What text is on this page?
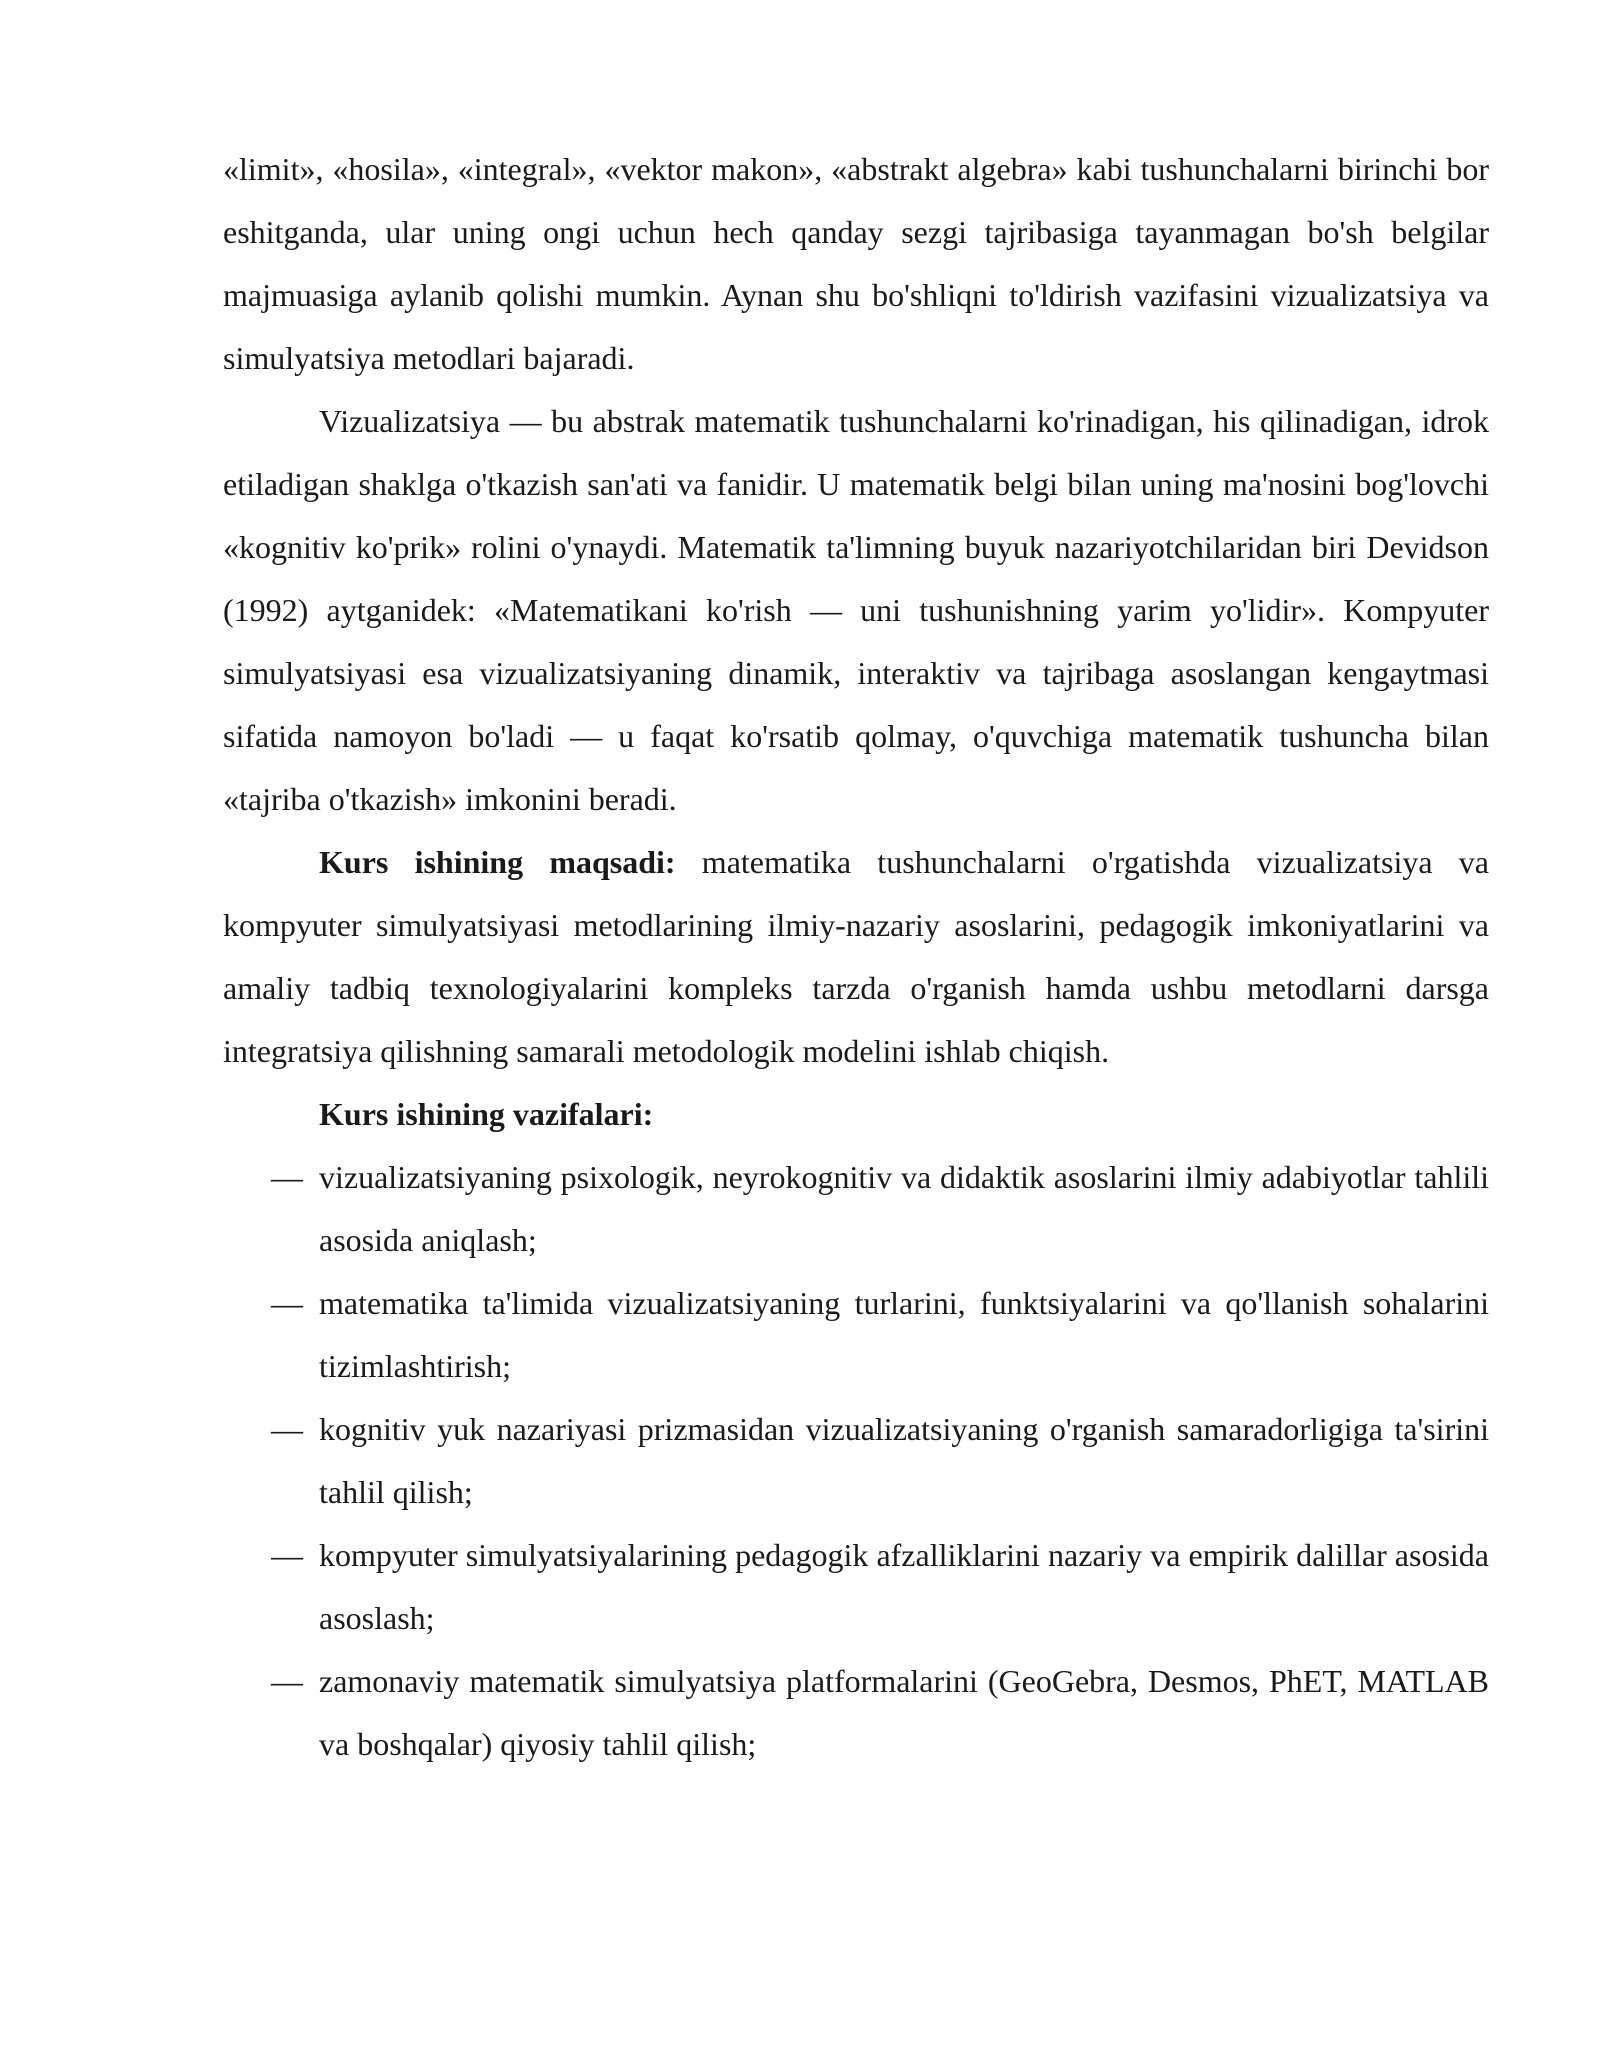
«limit», «hosila», «integral», «vektor makon», «abstrakt algebra» kabi tushunchalarni birinchi bor eshitganda, ular uning ongi uchun hech qanday sezgi tajribasiga tayanmagan bo'sh belgilar majmuasiga aylanib qolishi mumkin. Aynan shu bo'shliqni to'ldirish vazifasini vizualizatsiya va simulyatsiya metodlari bajaradi.

Vizualizatsiya — bu abstrak matematik tushunchalarni ko'rinadigan, his qilinadigan, idrok etiladigan shaklga o'tkazish san'ati va fanidir. U matematik belgi bilan uning ma'nosini bog'lovchi «kognitiv ko'prik» rolini o'ynaydi. Matematik ta'limning buyuk nazariyotchilaridan biri Devidson (1992) aytganidek: «Matematikani ko'rish — uni tushunishning yarim yo'lidir». Kompyuter simulyatsiyasi esa vizualizatsiyaning dinamik, interaktiv va tajribaga asoslangan kengaytmasi sifatida namoyon bo'ladi — u faqat ko'rsatib qolmay, o'quvchiga matematik tushuncha bilan «tajriba o'tkazish» imkonini beradi.

Kurs ishining maqsadi: matematika tushunchalarni o'rgatishda vizualizatsiya va kompyuter simulyatsiyasi metodlarining ilmiy-nazariy asoslarini, pedagogik imkoniyatlarini va amaliy tadbiq texnologiyalarini kompleks tarzda o'rganish hamda ushbu metodlarni darsga integratsiya qilishning samarali metodologik modelini ishlab chiqish.

Kurs ishining vazifalari:

— vizualizatsiyaning psixologik, neyrokognitiv va didaktik asoslarini ilmiy adabiyotlar tahlili asosida aniqlash;
— matematika ta'limida vizualizatsiyaning turlarini, funktsiyalarini va qo'llanish sohalarini tizimlashtirish;
— kognitiv yuk nazariyasi prizmasidan vizualizatsiyaning o'rganish samaradorligiga ta'sirini tahlil qilish;
— kompyuter simulyatsiyalarining pedagogik afzalliklarini nazariy va empirik dalillar asosida asoslash;
— zamonaviy matematik simulyatsiya platformalarini (GeoGebra, Desmos, PhET, MATLAB va boshqalar) qiyosiy tahlil qilish;
